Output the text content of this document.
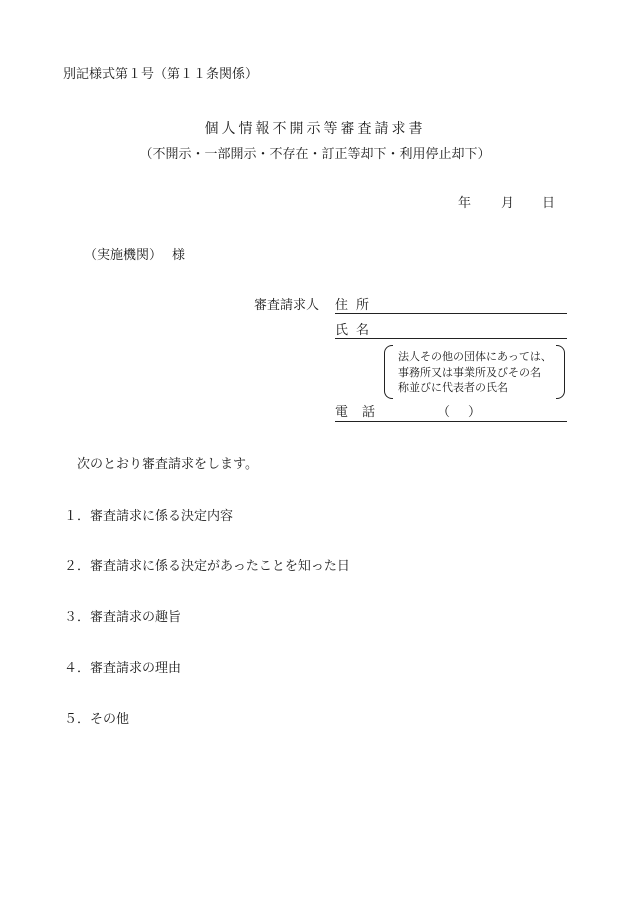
別記様式第１号（第１１条関係）
個人情報不開示等審査請求書
（不開示・一部開示・不存在・訂正等却下・利用停止却下）
年 月 日
（実施機関） 様
審査請求人 住所
氏名
法人その他の団体にあっては、
事務所又は事業所及びその名
称並びに代表者の氏名
電話	（ ）
次のとおり審査請求をします。
１．審査請求に係る決定内容
２．審査請求に係る決定があったことを知った日
３．審査請求の趣旨
４．審査請求の理由
５．その他
